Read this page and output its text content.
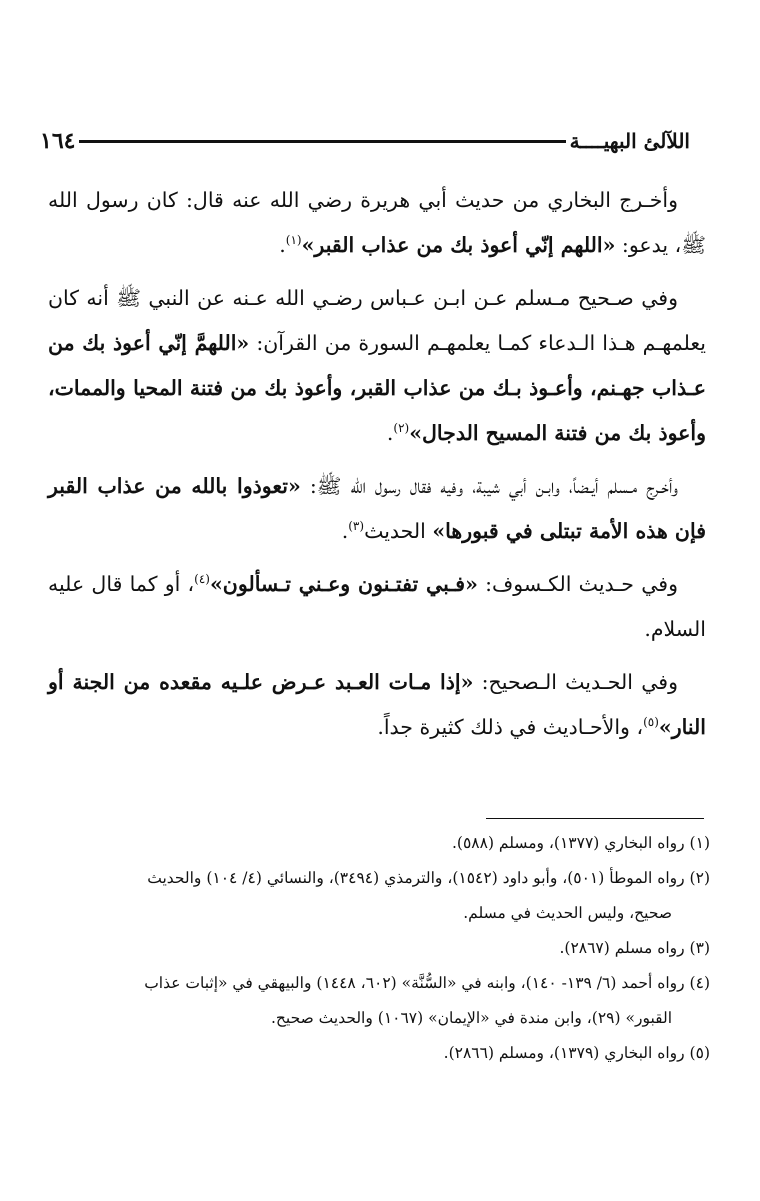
اللآلئ البهيــــة
١٦٤

وأخـرج البخاري من حديث أبي هريرة رضي الله عنه قال: كان رسول الله ﷺ، يدعو: «اللهم إنّي أعوذ بك من عذاب القبر»$^{(١)}$.

وفي صـحيح مـسلم عـن ابـن عـباس رضـي الله عـنه عن النبي ﷺ أنه كان يعلمهـم هـذا الـدعاء كمـا يعلمهـم السورة من القرآن: «اللهمَّ إنّي أعوذ بك من عـذاب جهـنم، وأعـوذ بـك من عذاب القبر، وأعوذ بك من فتنة المحيا والممات، وأعوذ بك من فتنة المسيح الدجال»$^{(٢)}$.

وأخـرج مـسلم أيـضاً، وابـن أبي شيبة، وفيه فقال رسول الله ﷺ: «تعوذوا بالله من عذاب القبر فإن هذه الأمة تبتلى في قبورها» الحديث$^{(٣)}$.

وفي حـديث الكـسوف: «فـبي تفتـنون وعـني تـسألون»$^{(٤)}$، أو كما قال عليه السلام.

وفي الحـديث الـصحيح: «إذا مـات العـبد عـرض علـيه مقعده من الجنة أو النار»$^{(٥)}$، والأحـاديث في ذلك كثيرة جداً.

(١) رواه البخاري (١٣٧٧)، ومسلم (٥٨٨).

(٢) رواه الموطأ (٥٠١)، وأبو داود (١٥٤٢)، والترمذي (٣٤٩٤)، والنسائي (٤/ ١٠٤) والحديث

صحيح، وليس الحديث في مسلم.

(٣) رواه مسلم (٢٨٦٧).

(٤) رواه أحمد (٦/ ١٣٩- ١٤٠)، وابنه في «السُّنَّة» (٦٠٢، ١٤٤٨) والبيهقي في «إثبات عذاب

القبور» (٢٩)، وابن مندة في «الإيمان» (١٠٦٧) والحديث صحيح.

(٥) رواه البخاري (١٣٧٩)، ومسلم (٢٨٦٦).
